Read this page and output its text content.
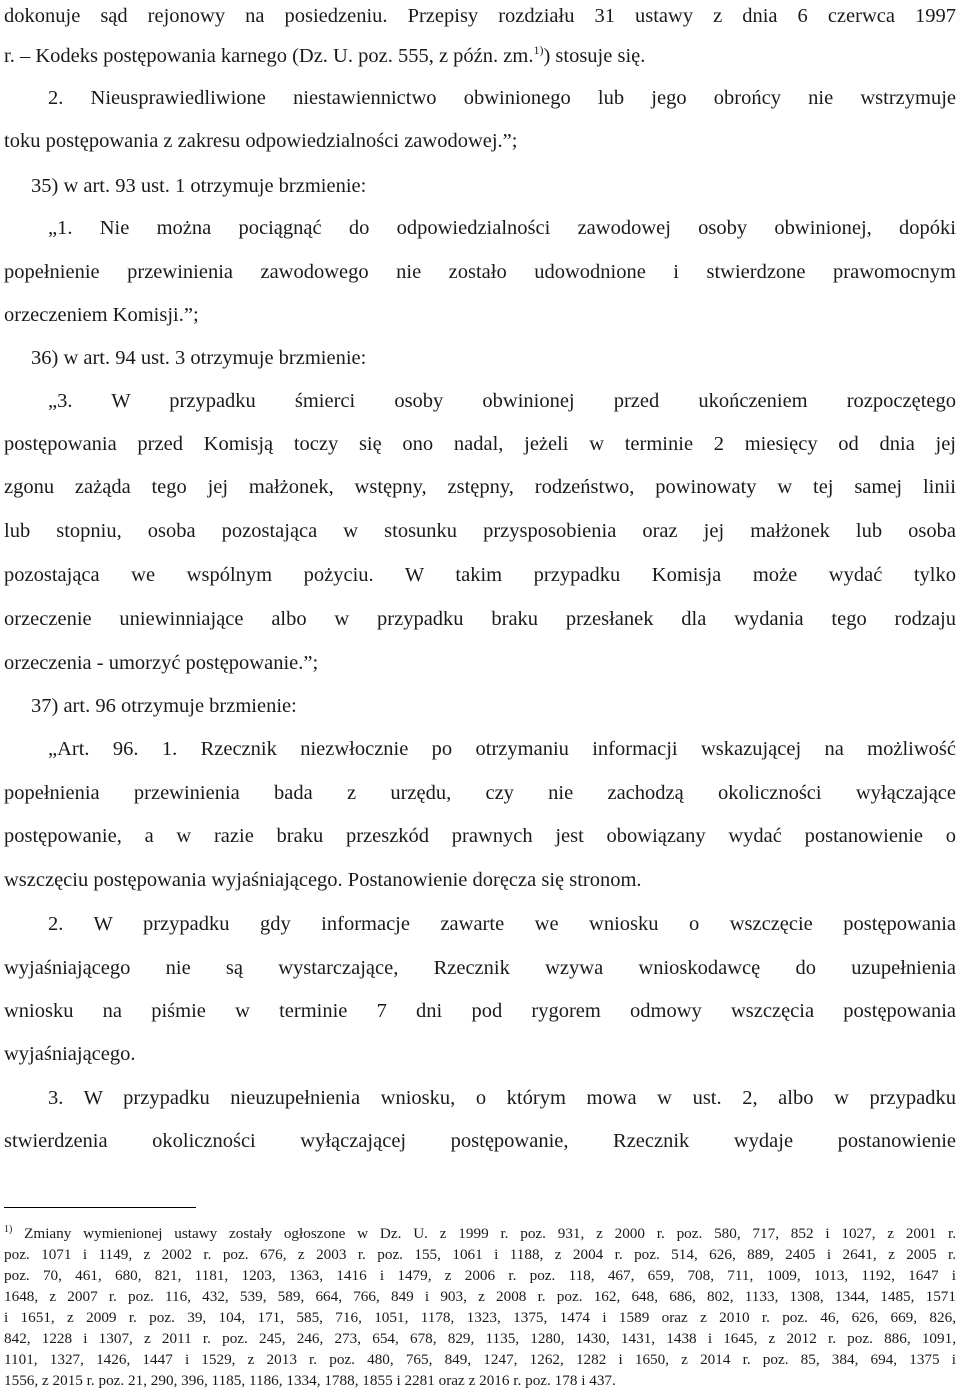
dokonuje sąd rejonowy na posiedzeniu. Przepisy rozdziału 31 ustawy z dnia 6 czerwca 1997
r. – Kodeks postępowania karnego (Dz. U. poz. 555, z późn. zm.$^{1)}$) stosuje się.
2. Nieusprawiedliwione niestawiennictwo obwinionego lub jego obrońcy nie wstrzymuje
toku postępowania z zakresu odpowiedzialności zawodowej.”;
35) w art. 93 ust. 1 otrzymuje brzmienie:
„1. Nie można pociągnąć do odpowiedzialności zawodowej osoby obwinionej, dopóki
popełnienie przewinienia zawodowego nie zostało udowodnione i stwierdzone prawomocnym
orzeczeniem Komisji.”;
36) w art. 94 ust. 3 otrzymuje brzmienie:
„3. W przypadku śmierci osoby obwinionej przed ukończeniem rozpoczętego
postępowania przed Komisją toczy się ono nadal, jeżeli w terminie 2 miesięcy od dnia jej
zgonu zażąda tego jej małżonek, wstępny, zstępny, rodzeństwo, powinowaty w tej samej linii
lub stopniu, osoba pozostająca w stosunku przysposobienia oraz jej małżonek lub osoba
pozostająca we wspólnym pożyciu. W takim przypadku Komisja może wydać tylko
orzeczenie uniewinniające albo w przypadku braku przesłanek dla wydania tego rodzaju
orzeczenia - umorzyć postępowanie.”;
37) art. 96 otrzymuje brzmienie:
„Art. 96. 1. Rzecznik niezwłocznie po otrzymaniu informacji wskazującej na możliwość
popełnienia przewinienia bada z urzędu, czy nie zachodzą okoliczności wyłączające
postępowanie, a w razie braku przeszkód prawnych jest obowiązany wydać postanowienie o
wszczęciu postępowania wyjaśniającego. Postanowienie doręcza się stronom.
2. W przypadku gdy informacje zawarte we wniosku o wszczęcie postępowania
wyjaśniającego nie są wystarczające, Rzecznik wzywa wnioskodawcę do uzupełnienia
wniosku na piśmie w terminie 7 dni pod rygorem odmowy wszczęcia postępowania
wyjaśniającego.
3. W przypadku nieuzupełnienia wniosku, o którym mowa w ust. 2, albo w przypadku
stwierdzenia okoliczności wyłączającej postępowanie, Rzecznik wydaje postanowienie
$^{1)}$ Zmiany wymienionej ustawy zostały ogłoszone w Dz. U. z 1999 r. poz. 931, z 2000 r. poz. 580, 717, 852 i 1027, z 2001 r.
poz. 1071 i 1149, z 2002 r. poz. 676, z 2003 r. poz. 155, 1061 i 1188, z 2004 r. poz. 514, 626, 889, 2405 i 2641, z 2005 r.
poz. 70, 461, 680, 821, 1181, 1203, 1363, 1416 i 1479, z 2006 r. poz. 118, 467, 659, 708, 711, 1009, 1013, 1192, 1647 i
1648, z 2007 r. poz. 116, 432, 539, 589, 664, 766, 849 i 903, z 2008 r. poz. 162, 648, 686, 802, 1133, 1308, 1344, 1485, 1571
i 1651, z 2009 r. poz. 39, 104, 171, 585, 716, 1051, 1178, 1323, 1375, 1474 i 1589 oraz z 2010 r. poz. 46, 626, 669, 826,
842, 1228 i 1307, z 2011 r. poz. 245, 246, 273, 654, 678, 829, 1135, 1280, 1430, 1431, 1438 i 1645, z 2012 r. poz. 886, 1091,
1101, 1327, 1426, 1447 i 1529, z 2013 r. poz. 480, 765, 849, 1247, 1262, 1282 i 1650, z 2014 r. poz. 85, 384, 694, 1375 i
1556, z 2015 r. poz. 21, 290, 396, 1185, 1186, 1334, 1788, 1855 i 2281 oraz z 2016 r. poz. 178 i 437.
